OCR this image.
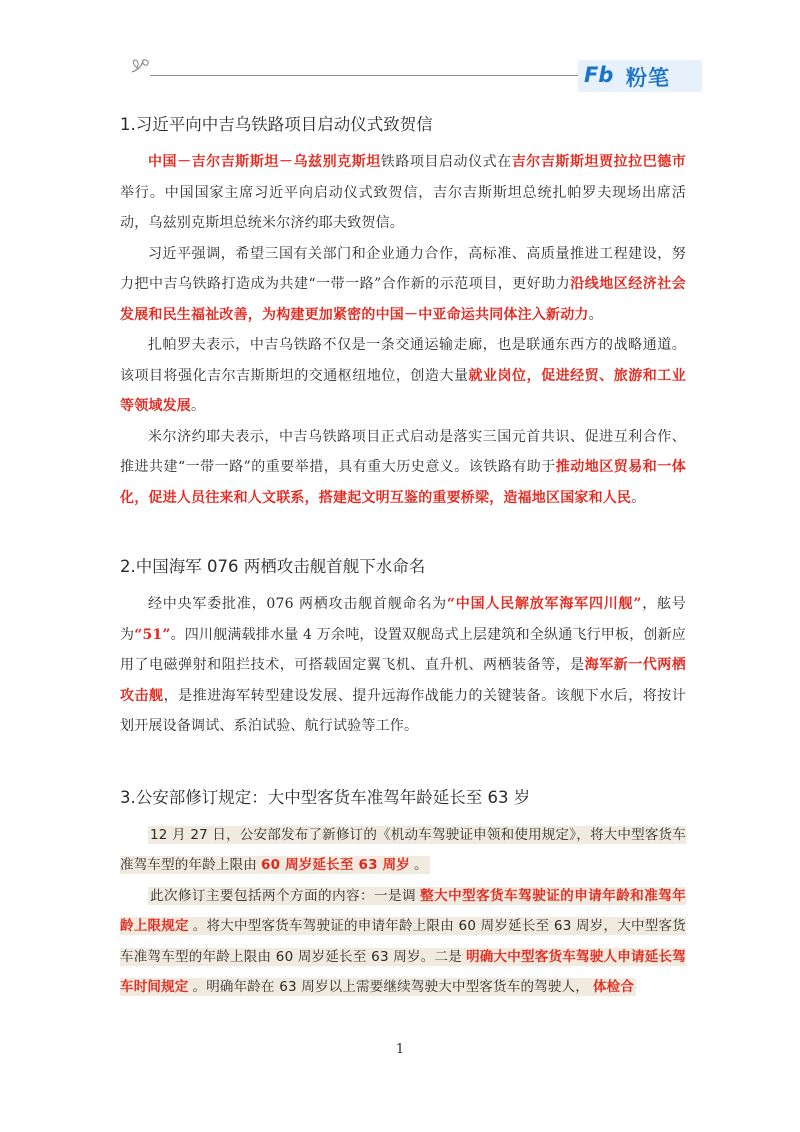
Fb 粉笔
1.习近平向中吉乌铁路项目启动仪式致贺信

中国－吉尔吉斯斯坦－乌兹别克斯坦铁路项目启动仪式在吉尔吉斯斯坦贾拉拉巴德市举行。中国国家主席习近平向启动仪式致贺信，吉尔吉斯斯坦总统扎帕罗夫现场出席活动，乌兹别克斯坦总统米尔济约耶夫致贺信。

习近平强调，希望三国有关部门和企业通力合作，高标准、高质量推进工程建设，努力把中吉乌铁路打造成为共建“一带一路”合作新的示范项目，更好助力沿线地区经济社会发展和民生福祉改善，为构建更加紧密的中国－中亚命运共同体注入新动力。

扎帕罗夫表示，中吉乌铁路不仅是一条交通运输走廊，也是联通东西方的战略通道。该项目将强化吉尔吉斯斯坦的交通枢纽地位，创造大量就业岗位，促进经贸、旅游和工业等领域发展。

米尔济约耶夫表示，中吉乌铁路项目正式启动是落实三国元首共识、促进互利合作、推进共建“一带一路”的重要举措，具有重大历史意义。该铁路有助于推动地区贸易和一体化，促进人员往来和人文联系，搭建起文明互鉴的重要桥梁，造福地区国家和人民。

2.中国海军 076 两栖攻击舰首舰下水命名

经中央军委批准，076 两栖攻击舰首舰命名为“中国人民解放军海军四川舰”，舷号为“51”。四川舰满载排水量 4 万余吨，设置双舰岛式上层建筑和全纵通飞行甲板，创新应用了电磁弹射和阻拦技术，可搭载固定翼飞机、直升机、两栖装备等，是海军新一代两栖攻击舰，是推进海军转型建设发展、提升远海作战能力的关键装备。该舰下水后，将按计划开展设备调试、系泊试验、航行试验等工作。

3.公安部修订规定：大中型客货车准驾年龄延长至 63 岁

12 月 27 日，公安部发布了新修订的《机动车驾驶证申领和使用规定》，将大中型客货车准驾车型的年龄上限由 60 周岁延长至 63 周岁 。

此次修订主要包括两个方面的内容：一是调 整大中型客货车驾驶证的申请年龄和准驾年龄上限规定 。将大中型客货车驾驶证的申请年龄上限由 60 周岁延长至 63 周岁，大中型客货车准驾车型的年龄上限由 60 周岁延长至 63 周岁。二是 明确大中型客货车驾驶人申请延长驾车时间规定 。明确年龄在 63 周岁以上需要继续驾驶大中型客货车的驾驶人， 体检合

1
